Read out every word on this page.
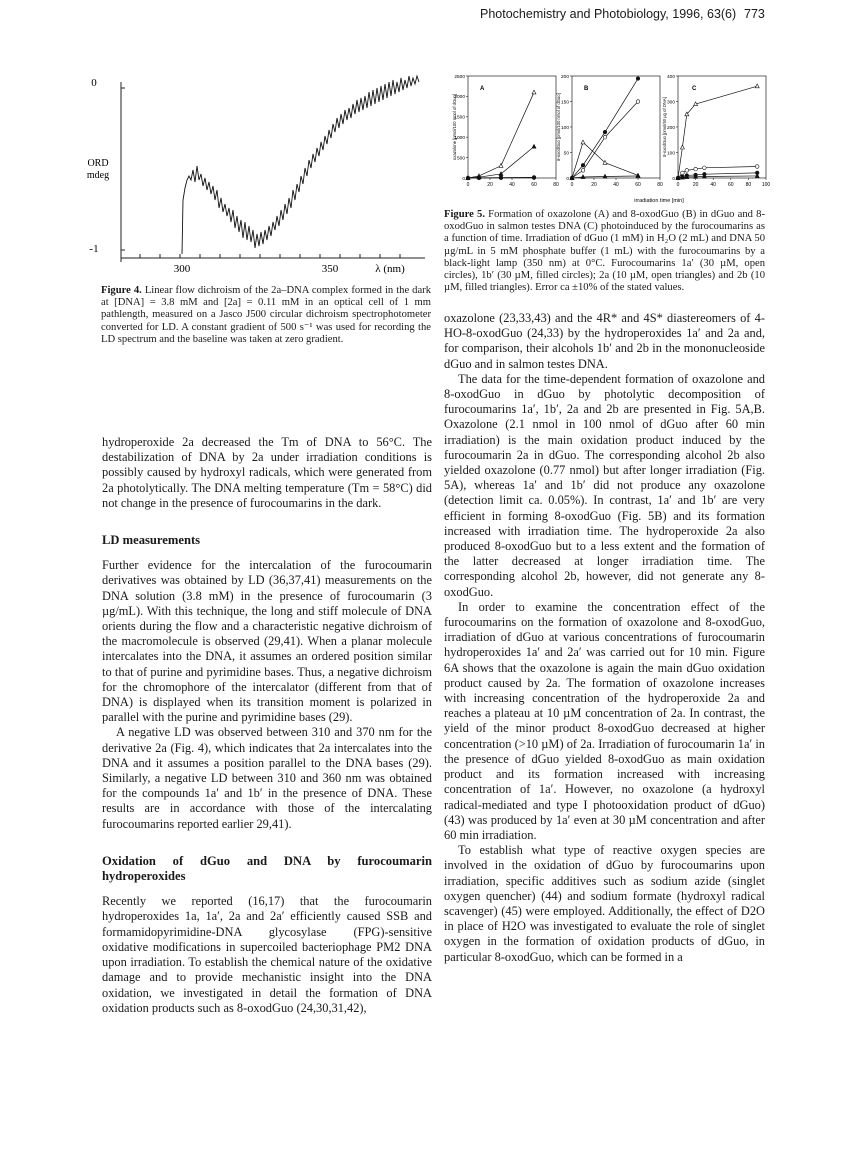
Photochemistry and Photobiology, 1996, 63(6) 773
0
-1
ORD
mdeg
300	350	λ (nm)
Figure 4. Linear flow dichroism of the 2a–DNA complex formed in the dark at [DNA] = 3.8 mM and [2a] = 0.11 mM in an optical cell of 1 mm pathlength, measured on a Jasco J500 circular dichroism spectrophotometer converted for LD. A constant gradient of 500 s⁻¹ was used for recording the LD spectrum and the baseline was taken at zero gradient.
0	20	40	60	80
0
500
1000
1500
2000
2500
oxazolone [pmol/100 nmol of dGuo]
A
0	20	40	60	80
0
50
100
150
200
8-oxodGuo [pmol/100 nmol of dGuo]
B
0	20 40 60 80 100
0
100
200
300
400
8-oxodGuo [pmol/50 µg of DNA]
C
irradiation time [min]
Figure 5. Formation of oxazolone (A) and 8-oxodGuo (B) in dGuo and 8-oxodGuo in salmon testes DNA (C) photoinduced by the furocoumarins as a function of time. Irradiation of dGuo (1 mM) in H₂O (2 mL) and DNA 50 µg/mL in 5 mM phosphate buffer (1 mL) with the furocoumarins by a black-light lamp (350 nm) at 0°C. Furocoumarins 1a′ (30 µM, open circles), 1b′ (30 µM, filled circles); 2a (10 µM, open triangles) and 2b (10 µM, filled triangles). Error ca ±10% of the stated values.

hydroperoxide 2a decreased the Tm of DNA to 56°C. The destabilization of DNA by 2a under irradiation conditions is possibly caused by hydroxyl radicals, which were generated from 2a photolytically. The DNA melting temperature (Tm = 58°C) did not change in the presence of furocoumarins in the dark.

LD measurements

Further evidence for the intercalation of the furocoumarin derivatives was obtained by LD (36,37,41) measurements on the DNA solution (3.8 mM) in the presence of furocoumarin (3 µg/mL). With this technique, the long and stiff molecule of DNA orients during the flow and a characteristic negative dichroism of the macromolecule is observed (29,41). When a planar molecule intercalates into the DNA, it assumes an ordered position similar to that of purine and pyrimidine bases. Thus, a negative dichroism for the chromophore of the intercalator (different from that of DNA) is displayed when its transition moment is polarized in parallel with the purine and pyrimidine bases (29).

A negative LD was observed between 310 and 370 nm for the derivative 2a (Fig. 4), which indicates that 2a intercalates into the DNA and it assumes a position parallel to the DNA bases (29). Similarly, a negative LD between 310 and 360 nm was obtained for the compounds 1a′ and 1b′ in the presence of DNA. These results are in accordance with those of the intercalating furocoumarins reported earlier 29,41).

Oxidation of dGuo and DNA by furocoumarin hydroperoxides

Recently we reported (16,17) that the furocoumarin hydroperoxides 1a, 1a′, 2a and 2a′ efficiently caused SSB and formamidopyrimidine-DNA glycosylase (FPG)-sensitive oxidative modifications in supercoiled bacteriophage PM2 DNA upon irradiation. To establish the chemical nature of the oxidative damage and to provide mechanistic insight into the DNA oxidation, we investigated in detail the formation of DNA oxidation products such as 8-oxodGuo (24,30,31,42),

oxazolone (23,33,43) and the 4R* and 4S* diastereomers of 4-HO-8-oxodGuo (24,33) by the hydroperoxides 1a′ and 2a and, for comparison, their alcohols 1b′ and 2b in the mononucleoside dGuo and in salmon testes DNA.

The data for the time-dependent formation of oxazolone and 8-oxodGuo in dGuo by photolytic decomposition of furocoumarins 1a′, 1b′, 2a and 2b are presented in Fig. 5A,B. Oxazolone (2.1 nmol in 100 nmol of dGuo after 60 min irradiation) is the main oxidation product induced by the furocoumarin 2a in dGuo. The corresponding alcohol 2b also yielded oxazolone (0.77 nmol) but after longer irradiation (Fig. 5A), whereas 1a′ and 1b′ did not produce any oxazolone (detection limit ca. 0.05%). In contrast, 1a′ and 1b′ are very efficient in forming 8-oxodGuo (Fig. 5B) and its formation increased with irradiation time. The hydroperoxide 2a also produced 8-oxodGuo but to a less extent and the formation of the latter decreased at longer irradiation time. The corresponding alcohol 2b, however, did not generate any 8-oxodGuo.

In order to examine the concentration effect of the furocoumarins on the formation of oxazolone and 8-oxodGuo, irradiation of dGuo at various concentrations of furocoumarin hydroperoxides 1a′ and 2a′ was carried out for 10 min. Figure 6A shows that the oxazolone is again the main dGuo oxidation product caused by 2a. The formation of oxazolone increases with increasing concentration of the hydroperoxide 2a and reaches a plateau at 10 µM concentration of 2a. In contrast, the yield of the minor product 8-oxodGuo decreased at higher concentration (>10 µM) of 2a. Irradiation of furocoumarin 1a′ in the presence of dGuo yielded 8-oxodGuo as main oxidation product and its formation increased with increasing concentration of 1a′. However, no oxazolone (a hydroxyl radical-mediated and type I photooxidation product of dGuo) (43) was produced by 1a′ even at 30 µM concentration and after 60 min irradiation.

To establish what type of reactive oxygen species are involved in the oxidation of dGuo by furocoumarins upon irradiation, specific additives such as sodium azide (singlet oxygen quencher) (44) and sodium formate (hydroxyl radical scavenger) (45) were employed. Additionally, the effect of D2O in place of H2O was investigated to evaluate the role of singlet oxygen in the formation of oxidation products of dGuo, in particular 8-oxodGuo, which can be formed in a
